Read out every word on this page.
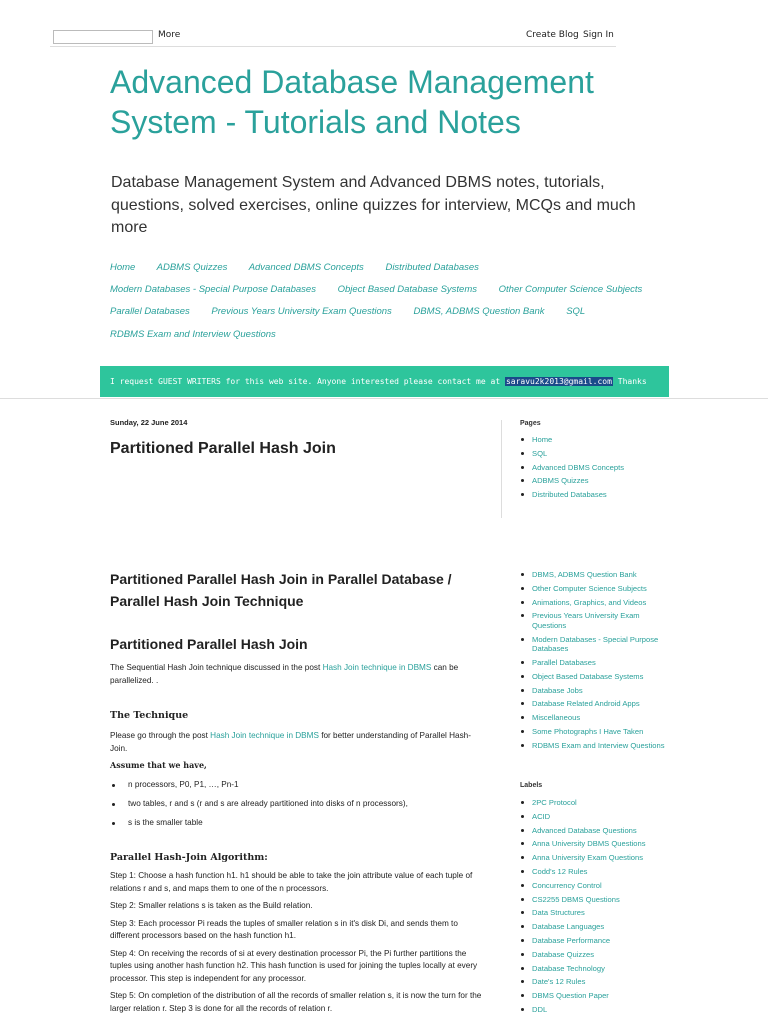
More	Create Blog Sign In
Advanced Database Management
System - Tutorials and Notes
Database Management System and Advanced DBMS notes, tutorials,
questions, solved exercises, online quizzes for interview, MCQs and much
more
Home ADBMS Quizzes Advanced DBMS Concepts Distributed Databases
Modern Databases - Special Purpose Databases Object Based Database Systems Other Computer Science Subjects
Parallel Databases Previous Years University Exam Questions DBMS, ADBMS Question Bank SQL
RDBMS Exam and Interview Questions
I request GUEST WRITERS for this web site. Anyone interested please contact me at saravu2k2013@gmail.com Thanks
Sunday, 22 June 2014
Partitioned Parallel Hash Join
Partitioned Parallel Hash Join in Parallel Database / Parallel Hash Join Technique
Partitioned Parallel Hash Join
The Sequential Hash Join technique discussed in the post Hash Join technique in DBMS can be parallelized. .
The Technique
Please go through the post Hash Join technique in DBMS for better understanding of Parallel Hash-Join.
Assume that we have,
n processors, P0, P1, …, Pn-1
two tables, r and s (r and s are already partitioned into disks of n processors),
s is the smaller table
Parallel Hash-Join Algorithm:
Step 1: Choose a hash function h1. h1 should be able to take the join attribute value of each tuple of relations r and s, and maps them to one of the n processors.
Step 2: Smaller relations s is taken as the Build relation.
Step 3: Each processor Pi reads the tuples of smaller relation s in it's disk Di, and sends them to different processors based on the hash function h1.
Step 4: On receiving the records of si at every destination processor Pi, the Pi further partitions the tuples using another hash function h2. This hash function is used for joining the tuples locally at every processor. This step is independent for any processor.
Step 5: On completion of the distribution of all the records of smaller relation s, it is now the turn for the larger relation r. Step 3 is done for all the records of relation r.
Pages
Home
SQL
Advanced DBMS Concepts
ADBMS Quizzes
Distributed Databases
DBMS, ADBMS Question Bank
Other Computer Science Subjects
Animations, Graphics, and Videos
Previous Years University Exam Questions
Modern Databases - Special Purpose Databases
Parallel Databases
Object Based Database Systems
Database Jobs
Database Related Android Apps
Miscellaneous
Some Photographs I Have Taken
RDBMS Exam and Interview Questions
Labels
2PC Protocol
ACID
Advanced Database Questions
Anna University DBMS Questions
Anna University Exam Questions
Codd's 12 Rules
Concurrency Control
CS2255 DBMS Questions
Data Structures
Database Languages
Database Performance
Database Quizzes
Database Technology
Date's 12 Rules
DBMS Question Paper
DDL
